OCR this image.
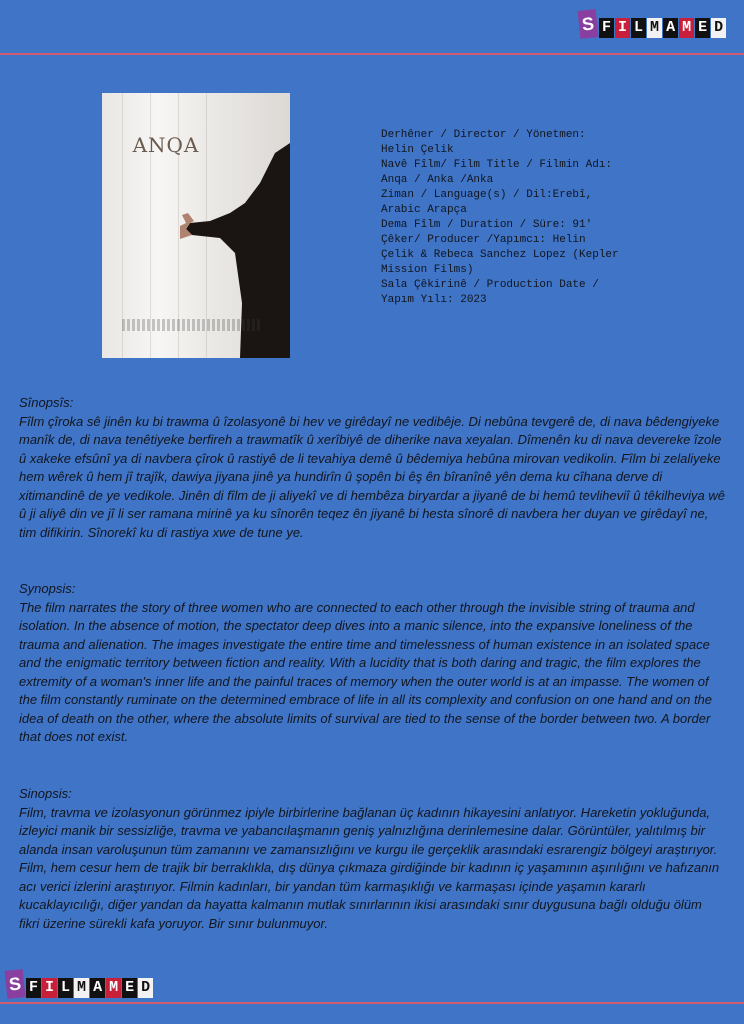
S F I L M A M E D
ANQA	Derhêner / Director / Yönetmen:
Helin Çelik
Navê Fîlm/ Film Title / Filmin Adı:
Anqa / Anka /Anka
Ziman / Language(s) / Dil:Erebî,
Arabic Arapça
Dema Fîlm / Duration / Süre: 91'
Çêker/ Producer /Yapımcı: Helin
Çelik & Rebeca Sanchez Lopez (Kepler
Mission Films)
Sala Çêkirinê / Production Date /
Yapım Yılı: 2023
Sînopsîs:
Fîlm çîroka sê jinên ku bi trawma û îzolasyonê bi hev ve girêdayî ne vedibêje. Di nebûna tevgerê de, di nava bêdengiyeke manîk de, di nava tenêtiyeke berfireh a trawmatîk û xerîbiyê de diherike nava xeyalan. Dîmenên ku di nava devereke îzole û xakeke efsûnî ya di navbera çîrok û rastiyê de li tevahiya demê û bêdemiya hebûna mirovan vedikolin. Fîlm bi zelaliyeke hem wêrek û hem jî trajîk, dawiya jiyana jinê ya hundirîn û şopên bi êş ên bîranînê yên dema ku cîhana derve di xitimandinê de ye vedikole. Jinên di fîlm de ji aliyekî ve di hembêza biryardar a jiyanê de bi hemû tevliheviî û têkilheviya wê û ji aliyê din ve jî li ser ramana mirinê ya ku sînorên teqez ên jiyanê bi hesta sînorê di navbera her duyan ve girêdayî ne, tim difikirin. Sînorekî ku di rastiya xwe de tune ye.
Synopsis:
The film narrates the story of three women who are connected to each other through the invisible string of trauma and isolation. In the absence of motion, the spectator deep dives into a manic silence, into the expansive loneliness of the trauma and alienation. The images investigate the entire time and timelessness of human existence in an isolated space and the enigmatic territory between fiction and reality. With a lucidity that is both daring and tragic, the film explores the extremity of a woman's inner life and the painful traces of memory when the outer world is at an impasse. The women of the film constantly ruminate on the determined embrace of life in all its complexity and confusion on one hand and on the idea of death on the other, where the absolute limits of survival are tied to the sense of the border between two. A border that does not exist.
Sinopsis:
Film, travma ve izolasyonun görünmez ipiyle birbirlerine bağlanan üç kadının hikayesini anlatıyor. Hareketin yokluğunda, izleyici manik bir sessizliğe, travma ve yabancılaşmanın geniş yalnızlığına derinlemesine dalar. Görüntüler, yalıtılmış bir alanda insan varoluşunun tüm zamanını ve zamansızlığını ve kurgu ile gerçeklik arasındaki esrarengiz bölgeyi araştırıyor. Film, hem cesur hem de trajik bir berraklıkla, dış dünya çıkmaza girdiğinde bir kadının iç yaşamının aşırılığını ve hafızanın acı verici izlerini araştırıyor. Filmin kadınları, bir yandan tüm karmaşıklığı ve karmaşası içinde yaşamın kararlı kucaklayıcılığı, diğer yandan da hayatta kalmanın mutlak sınırlarının ikisi arasındaki sınır duygusuna bağlı olduğu ölüm fikri üzerine sürekli kafa yoruyor. Bir sınır bulunmuyor.
S F I L M A M E D
